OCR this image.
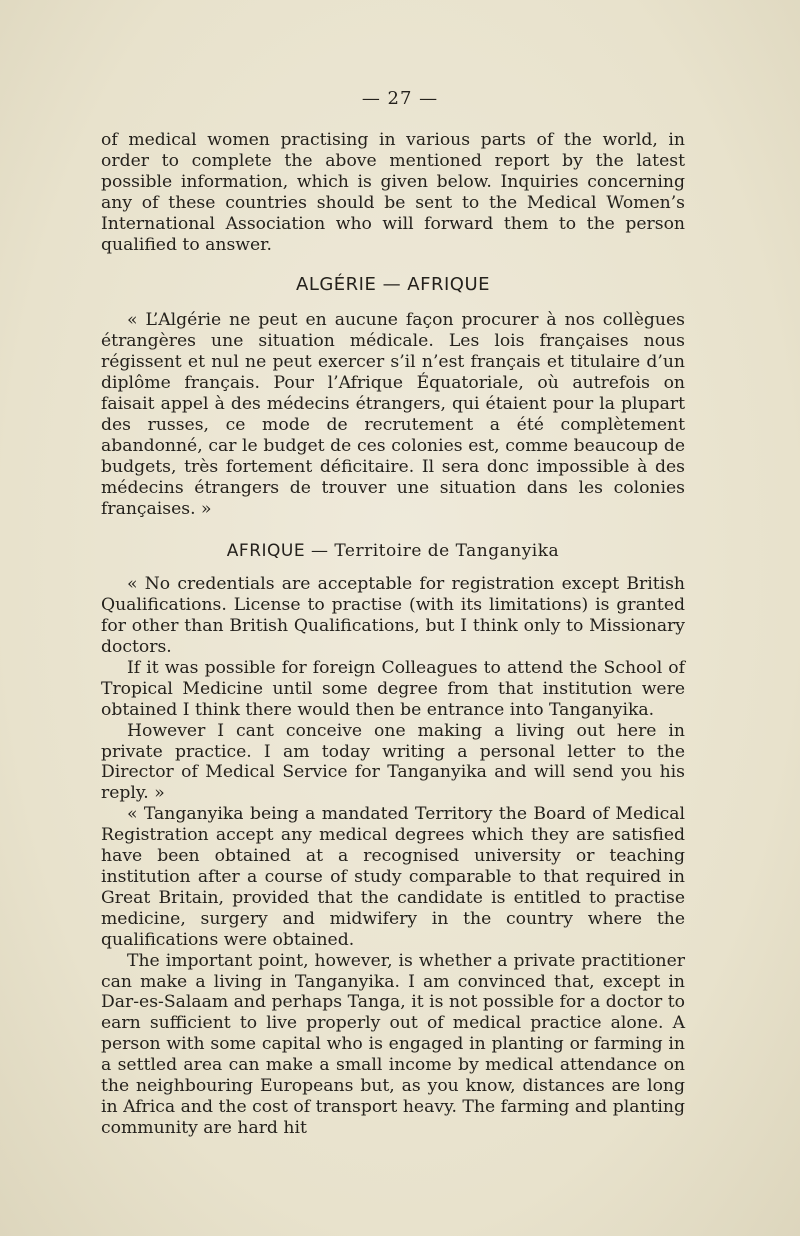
— 27 —

of medical women practising in various parts of the world, in order to complete the above mentioned report by the latest possible information, which is given below. Inquiries concerning any of these countries should be sent to the Medical Women’s International Association who will forward them to the person qualified to answer.

ALGÉRIE — AFRIQUE

« L’Algérie ne peut en aucune façon procurer à nos collègues étrangères une situation médicale. Les lois françaises nous régissent et nul ne peut exercer s’il n’est français et titulaire d’un diplôme français. Pour l’Afrique Équatoriale, où autrefois on faisait appel à des médecins étrangers, qui étaient pour la plupart des russes, ce mode de recrutement a été complètement abandonné, car le budget de ces colonies est, comme beaucoup de budgets, très fortement déficitaire. Il sera donc impossible à des médecins étrangers de trouver une situation dans les colonies françaises. »

AFRIQUE — Territoire de Tanganyika

« No credentials are acceptable for registration except British Qualifications. License to practise (with its limitations) is granted for other than British Qualifications, but I think only to Missionary doctors.

If it was possible for foreign Colleagues to attend the School of Tropical Medicine until some degree from that institution were obtained I think there would then be entrance into Tanganyika.

However I cant conceive one making a living out here in private practice. I am today writing a personal letter to the Director of Medical Service for Tanganyika and will send you his reply. »

« Tanganyika being a mandated Territory the Board of Medical Registration accept any medical degrees which they are satisfied have been obtained at a recognised university or teaching institution after a course of study comparable to that required in Great Britain, provided that the candidate is entitled to practise medicine, surgery and midwifery in the country where the qualifications were obtained.

The important point, however, is whether a private practitioner can make a living in Tanganyika. I am convinced that, except in Dar-es-Salaam and perhaps Tanga, it is not possible for a doctor to earn sufficient to live properly out of medical practice alone. A person with some capital who is engaged in planting or farming in a settled area can make a small income by medical attendance on the neighbouring Europeans but, as you know, distances are long in Africa and the cost of transport heavy. The farming and planting community are hard hit
